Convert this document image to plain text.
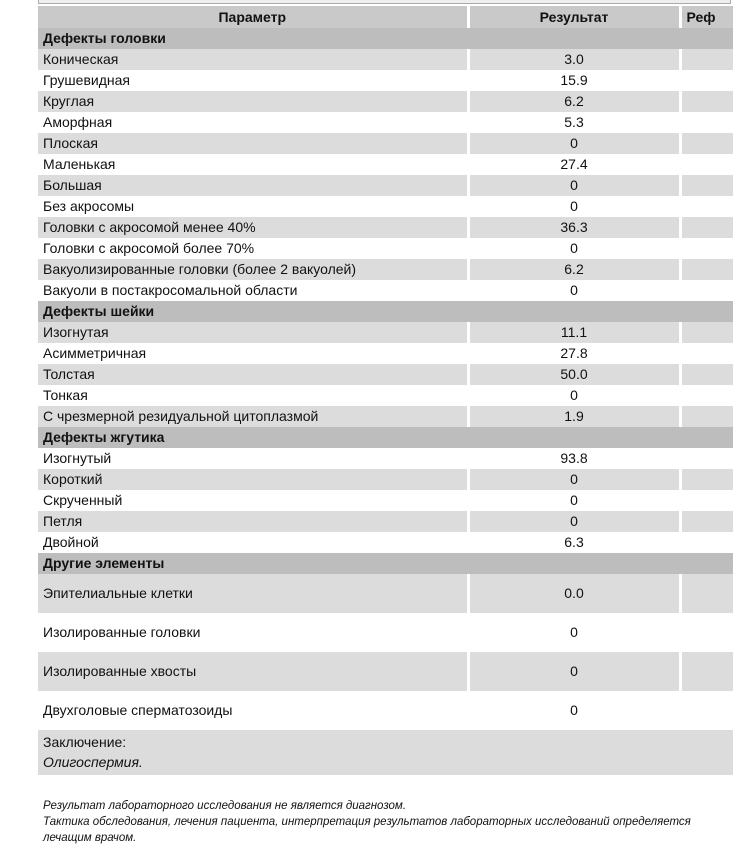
Параметр	Результат	Реф
Дефекты головки		
Коническая	3.0	
Грушевидная	15.9	
Круглая	6.2	
Аморфная	5.3	
Плоская	0	
Маленькая	27.4	
Большая	0	
Без акросомы	0	
Головки с акросомой менее 40%	36.3	
Головки с акросомой более 70%	0	
Вакуолизированные головки (более 2 вакуолей)	6.2	
Вакуоли в постакросомальной области	0	
Дефекты шейки		
Изогнутая	11.1	
Асимметричная	27.8	
Толстая	50.0	
Тонкая	0	
С чрезмерной резидуальной цитоплазмой	1.9	
Дефекты жгутика		
Изогнутый	93.8	
Короткий	0	
Скрученный	0	
Петля	0	
Двойной	6.3	
Другие элементы		
Эпителиальные клетки	0.0	
Изолированные головки	0	
Изолированные хвосты	0	
Двухголовые сперматозоиды	0	

Заключение:
Олигоспермия.		
Результат лабораторного исследования не является диагнозом.
Тактика обследования, лечения пациента, интерпретация результатов лабораторных исследований определяется лечащим врачом.
